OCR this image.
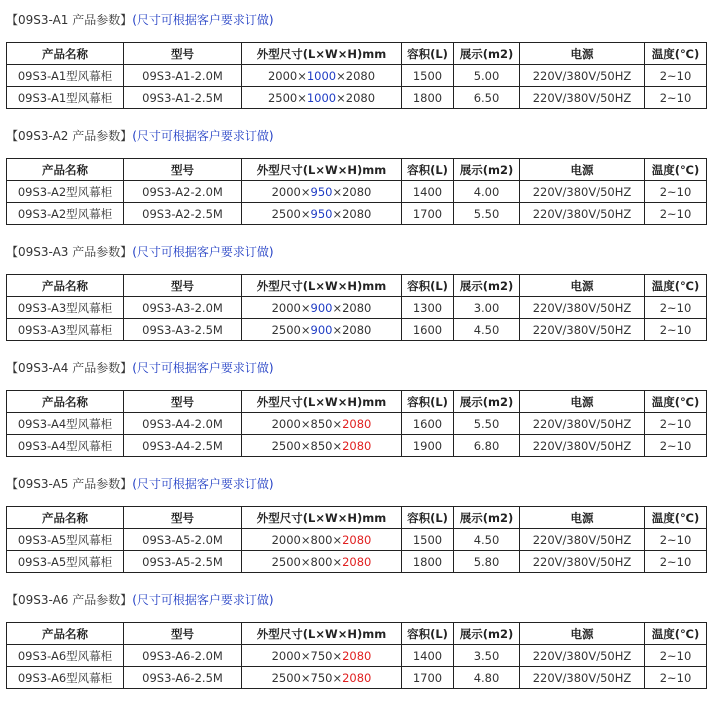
【09S3-A1 产品参数】(尺寸可根据客户要求订做)
产品名称	型号	外型尺寸(L×W×H)mm	容积(L)	展示(m2)	电源	温度(℃)
09S3-A1型风幕柜	09S3-A1-2.0M	2000×1000×2080	1500	5.00	220V/380V/50HZ	2~10
09S3-A1型风幕柜	09S3-A1-2.5M	2500×1000×2080	1800	6.50	220V/380V/50HZ	2~10
【09S3-A2 产品参数】(尺寸可根据客户要求订做)
产品名称	型号	外型尺寸(L×W×H)mm	容积(L)	展示(m2)	电源	温度(℃)
09S3-A2型风幕柜	09S3-A2-2.0M	2000×950×2080	1400	4.00	220V/380V/50HZ	2~10
09S3-A2型风幕柜	09S3-A2-2.5M	2500×950×2080	1700	5.50	220V/380V/50HZ	2~10
【09S3-A3 产品参数】(尺寸可根据客户要求订做)
产品名称	型号	外型尺寸(L×W×H)mm	容积(L)	展示(m2)	电源	温度(℃)
09S3-A3型风幕柜	09S3-A3-2.0M	2000×900×2080	1300	3.00	220V/380V/50HZ	2~10
09S3-A3型风幕柜	09S3-A3-2.5M	2500×900×2080	1600	4.50	220V/380V/50HZ	2~10
【09S3-A4 产品参数】(尺寸可根据客户要求订做)
产品名称	型号	外型尺寸(L×W×H)mm	容积(L)	展示(m2)	电源	温度(℃)
09S3-A4型风幕柜	09S3-A4-2.0M	2000×850×2080	1600	5.50	220V/380V/50HZ	2~10
09S3-A4型风幕柜	09S3-A4-2.5M	2500×850×2080	1900	6.80	220V/380V/50HZ	2~10
【09S3-A5 产品参数】(尺寸可根据客户要求订做)
产品名称	型号	外型尺寸(L×W×H)mm	容积(L)	展示(m2)	电源	温度(℃)
09S3-A5型风幕柜	09S3-A5-2.0M	2000×800×2080	1500	4.50	220V/380V/50HZ	2~10
09S3-A5型风幕柜	09S3-A5-2.5M	2500×800×2080	1800	5.80	220V/380V/50HZ	2~10
【09S3-A6 产品参数】(尺寸可根据客户要求订做)
产品名称	型号	外型尺寸(L×W×H)mm	容积(L)	展示(m2)	电源	温度(℃)
09S3-A6型风幕柜	09S3-A6-2.0M	2000×750×2080	1400	3.50	220V/380V/50HZ	2~10
09S3-A6型风幕柜	09S3-A6-2.5M	2500×750×2080	1700	4.80	220V/380V/50HZ	2~10
